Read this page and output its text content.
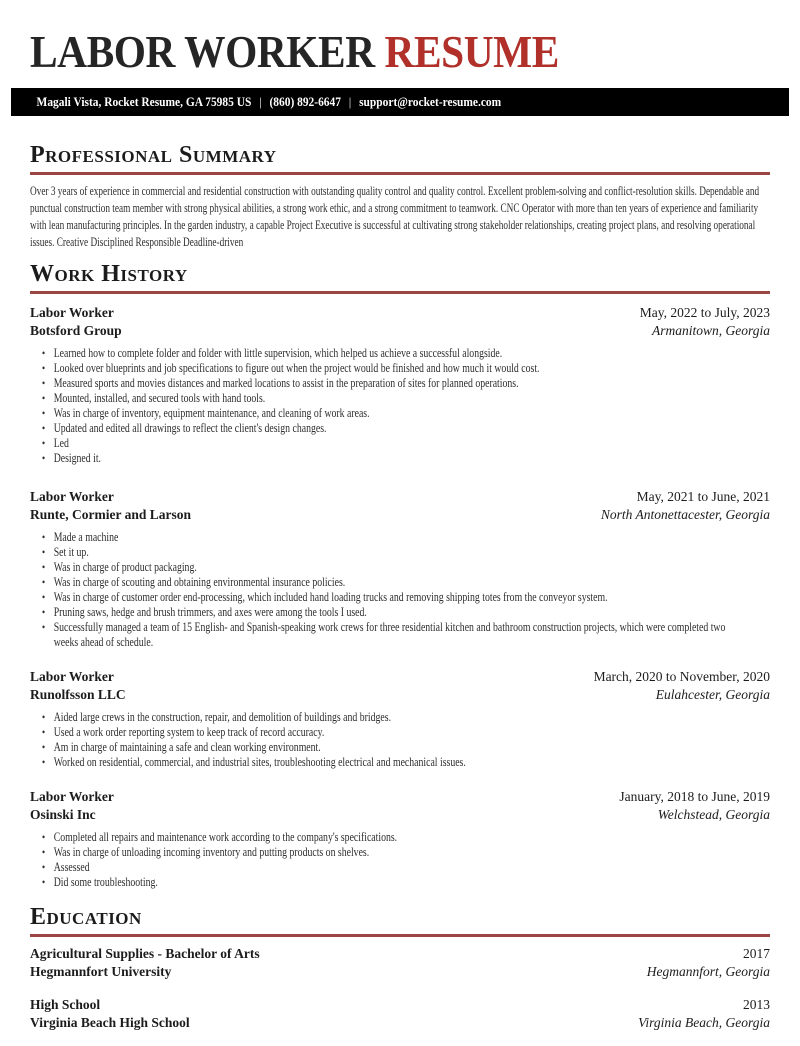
LABOR WORKER RESUME
Magali Vista, Rocket Resume, GA 75985 US | (860) 892-6647 | support@rocket-resume.com
Professional Summary

Over 3 years of experience in commercial and residential construction with outstanding quality control and quality control. Excellent problem-solving and conflict-resolution skills. Dependable and punctual construction team member with strong physical abilities, a strong work ethic, and a strong commitment to teamwork. CNC Operator with more than ten years of experience and familiarity with lean manufacturing principles. In the garden industry, a capable Project Executive is successful at cultivating strong stakeholder relationships, creating project plans, and resolving operational issues. Creative Disciplined Responsible Deadline-driven

Work History
Labor Worker	May, 2022 to July, 2023
Botsford Group	Armanitown, Georgia
• Learned how to complete folder and folder with little supervision, which helped us achieve a successful alongside.
• Looked over blueprints and job specifications to figure out when the project would be finished and how much it would cost.
• Measured sports and movies distances and marked locations to assist in the preparation of sites for planned operations.
• Mounted, installed, and secured tools with hand tools.
• Was in charge of inventory, equipment maintenance, and cleaning of work areas.
• Updated and edited all drawings to reflect the client's design changes.
• Led
• Designed it.
Labor Worker	May, 2021 to June, 2021
Runte, Cormier and Larson	North Antonettacester, Georgia
• Made a machine
• Set it up.
• Was in charge of product packaging.
• Was in charge of scouting and obtaining environmental insurance policies.
• Was in charge of customer order end-processing, which included hand loading trucks and removing shipping totes from the conveyor system.
• Pruning saws, hedge and brush trimmers, and axes were among the tools I used.
• Successfully managed a team of 15 English- and Spanish-speaking work crews for three residential kitchen and bathroom construction projects, which were completed two weeks ahead of schedule.
Labor Worker	March, 2020 to November, 2020
Runolfsson LLC	Eulahcester, Georgia
• Aided large crews in the construction, repair, and demolition of buildings and bridges.
• Used a work order reporting system to keep track of record accuracy.
• Am in charge of maintaining a safe and clean working environment.
• Worked on residential, commercial, and industrial sites, troubleshooting electrical and mechanical issues.
Labor Worker	January, 2018 to June, 2019
Osinski Inc	Welchstead, Georgia
• Completed all repairs and maintenance work according to the company's specifications.
• Was in charge of unloading incoming inventory and putting products on shelves.
• Assessed
• Did some troubleshooting.
Education
Agricultural Supplies - Bachelor of Arts	2017
Hegmannfort University	Hegmannfort, Georgia
High School	2013
Virginia Beach High School	Virginia Beach, Georgia
